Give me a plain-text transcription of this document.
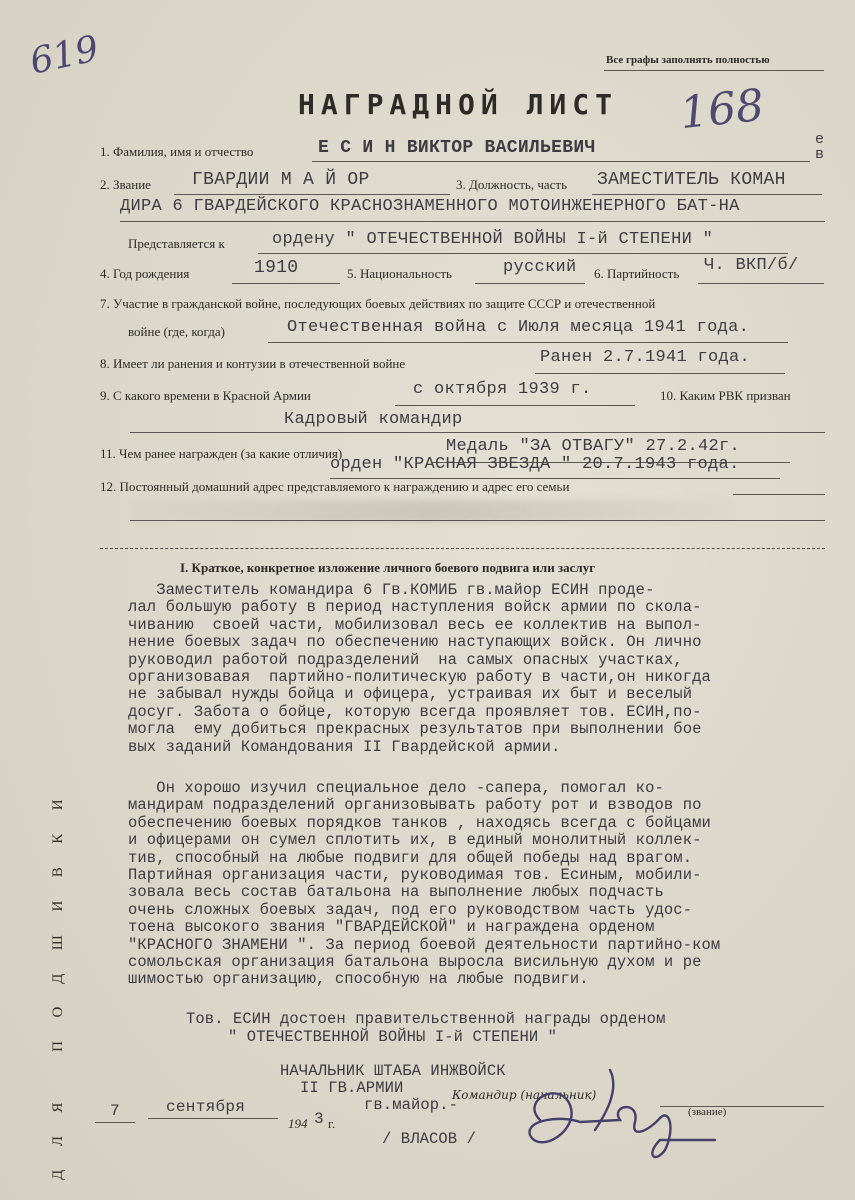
619	Все графы заполнять полностью
НАГРАДНОЙ ЛИСТ 168
е в
ДЛЯ ПОДШИВКИ
1. Фамилия, имя и отчество	Е С И Н ВИКТОР ВАСИЛЬЕВИЧ
2. Звание ГВАРДИИ М А Й ОР	3. Должность, часть ЗАМЕСТИТЕЛЬ КОМАН
ДИРА 6 ГВАРДЕЙСКОГО КРАСНОЗНАМЕННОГО МОТОИНЖЕНЕРНОГО БАТ-НА
Представляется к	ордену " ОТЕЧЕСТВЕННОЙ ВОЙНЫ I-й СТЕПЕНИ "
4. Год рождения	1910	5. Национальность	русский 6. Партийность Ч. ВКП/б/
7. Участие в гражданской войне, последующих боевых действиях по защите СССР и отечественной
войне (где, когда)	Отечественная война с Июля месяца 1941 года.
8. Имеет ли ранения и контузии в отечественной войне	Ранен 2.7.1941 года.
9. С какого времени в Красной Армии	с октября 1939 г.	10. Каким РВК призван
Кадровый командир
11. Чем ранее награжден (за какие отличия)	Медаль "ЗА ОТВАГУ" 27.2.42г.
орден "КРАСНАЯ ЗВЕЗДА " 20.7.1943 года.
12. Постоянный домашний адрес представляемого к награждению и адрес его семьи
I. Краткое, конкретное изложение личного боевого подвига или заслуг
Заместитель командира 6 Гв.КОМИБ гв.майор ЕСИН проде-
лал большую работу в период наступления войск армии по скола-
чиванию  своей части, мобилизовал весь ее коллектив на выпол-
нение боевых задач по обеспечению наступающих войск. Он лично
руководил работой подразделений  на самых опасных участках,
организовавая  партийно-политическую работу в части,он никогда
не забывал нужды бойца и офицера, устраивая их быт и веселый
досуг. Забота о бойце, которую всегда проявляет тов. ЕСИН,по-
могла  ему добиться прекрасных результатов при выполнении боe
вых заданий Командования II Гвардейской армии.
Он хорошо изучил специальное дело -сапера, помогал ко-
мандирам подразделений организовывать работу рот и взводов по
обеспечению боевых порядков танков , находясь всегда с бойцами
и офицерами он сумел сплотить их, в единый монолитный коллек-
тив, способный на любые подвиги для общей победы над врагом.
Партийная организация части, руководимая тов. Есиным, мобили-
зовала весь состав батальона на выполнение любых подчасть
очень сложных боевых задач, под его руководством часть удос-
тоена высокого звания "ГВАРДЕЙСКОЙ" и награждена орденом
"КРАСНОГО ЗНАМЕНИ ". За период боевой деятельности партийно-ком
сомольская организация батальона выросла висильную духом и ре
шимостью организацию, способную на любые подвиги.
Тов. ЕСИН достоен правительственной награды орденом
" ОТЕЧЕСТВЕННОЙ ВОЙНЫ I-й СТЕПЕНИ "
НАЧАЛЬНИК ШТАБА ИНЖВОЙСК
II ГВ.АРМИИ	Командир (начальник)
гв.майор.-	(звание)
7	сентября
194 3 г.
/ ВЛАСОВ /
